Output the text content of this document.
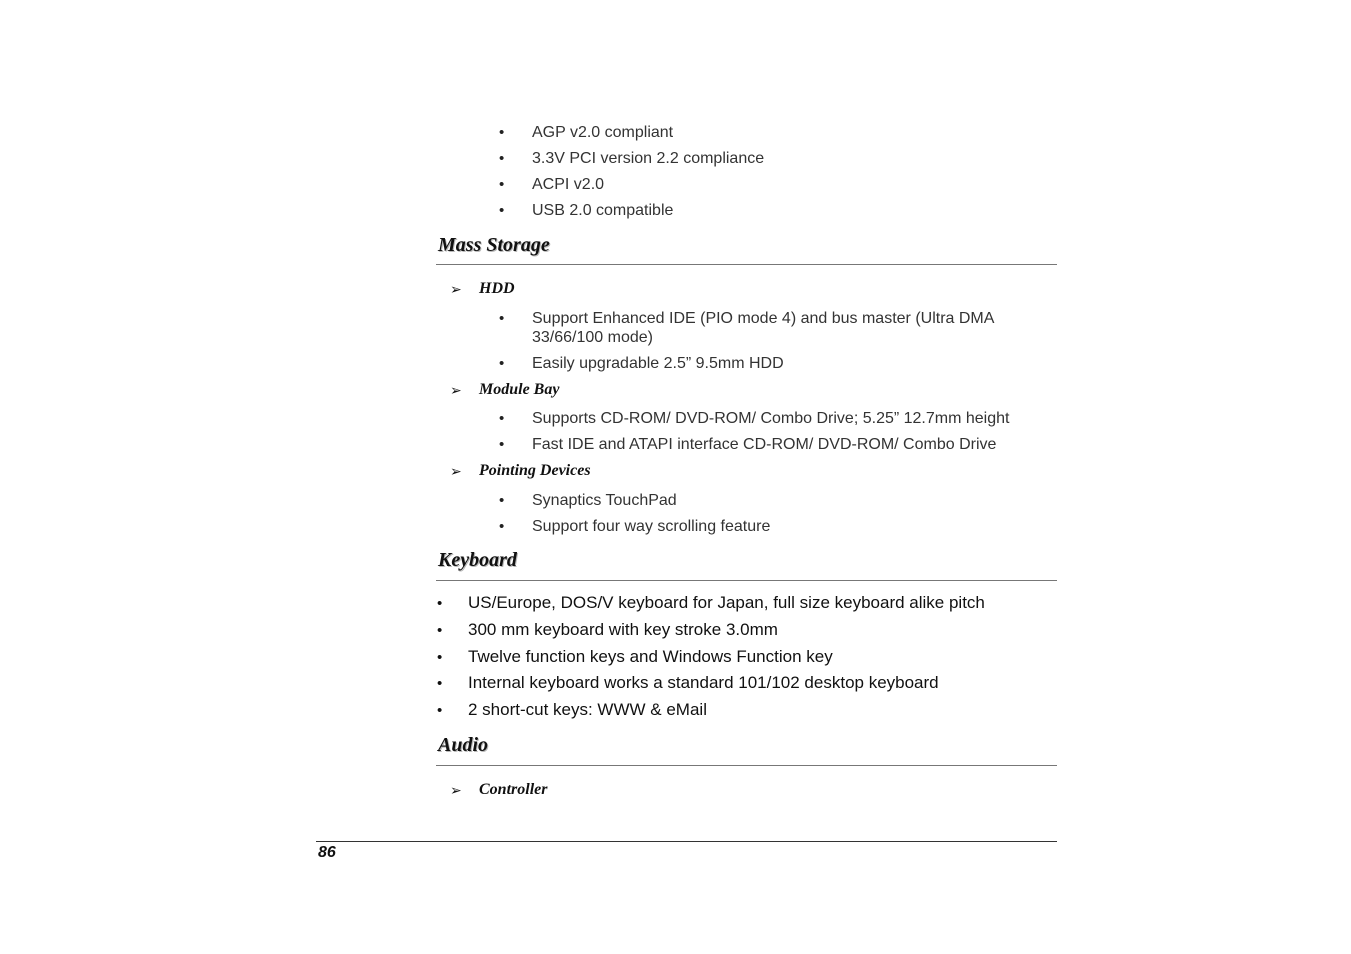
• AGP v2.0 compliant
• 3.3V PCI version 2.2 compliance
• ACPI v2.0
• USB 2.0 compatible
Mass Storage
➢ HDD
• Support Enhanced IDE (PIO mode 4) and bus master (Ultra DMA 33/66/100 mode)
• Easily upgradable 2.5” 9.5mm HDD
➢ Module Bay
• Supports CD-ROM/ DVD-ROM/ Combo Drive; 5.25” 12.7mm height
• Fast IDE and ATAPI interface CD-ROM/ DVD-ROM/ Combo Drive
➢ Pointing Devices
• Synaptics TouchPad
• Support four way scrolling feature
Keyboard
• US/Europe, DOS/V keyboard for Japan, full size keyboard alike pitch
• 300 mm keyboard with key stroke 3.0mm
• Twelve function keys and Windows Function key
• Internal keyboard works a standard 101/102 desktop keyboard
• 2 short-cut keys: WWW & eMail
Audio
➢ Controller
86
